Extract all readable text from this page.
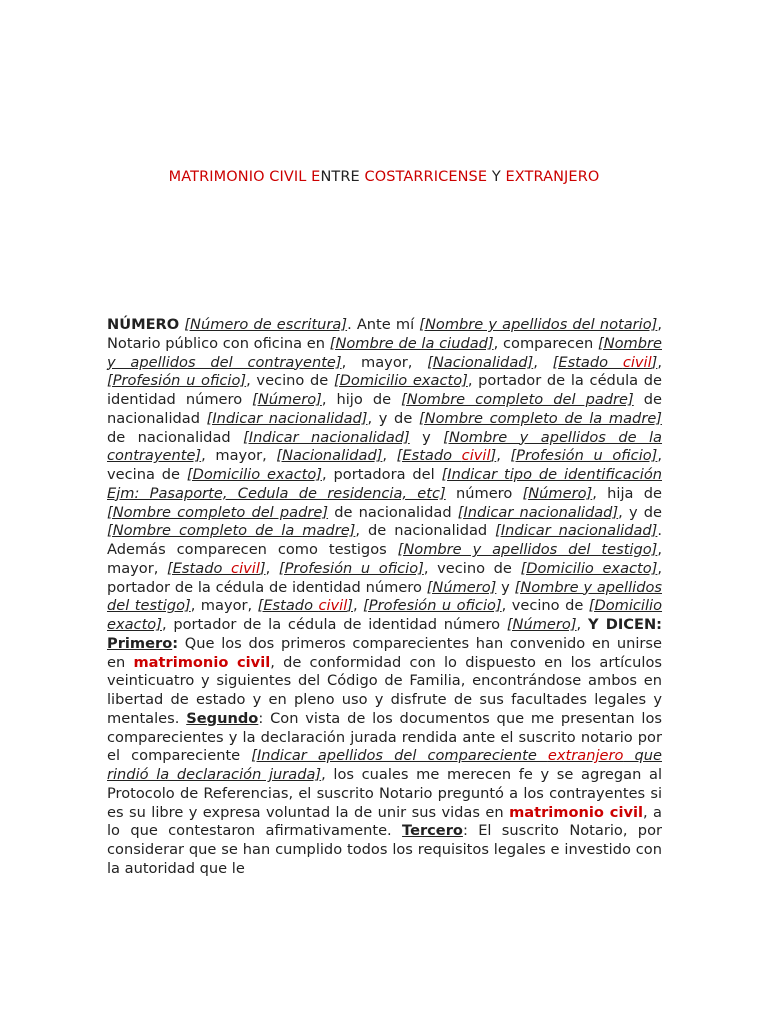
MATRIMONIO CIVIL ENTRE COSTARRICENSE Y EXTRANJERO
NÚMERO [Número de escritura]. Ante mí [Nombre y apellidos del notario], Notario público con oficina en [Nombre de la ciudad], comparecen [Nombre y apellidos del contrayente], mayor, [Nacionalidad], [Estado civil], [Profesión u oficio], vecino de [Domicilio exacto], portador de la cédula de identidad número [Número], hijo de [Nombre completo del padre] de nacionalidad [Indicar nacionalidad], y de [Nombre completo de la madre] de nacionalidad [Indicar nacionalidad] y [Nombre y apellidos de la contrayente], mayor, [Nacionalidad], [Estado civil], [Profesión u oficio], vecina de [Domicilio exacto], portadora del [Indicar tipo de identificación Ejm: Pasaporte, Cedula de residencia, etc] número [Número], hija de [Nombre completo del padre] de nacionalidad [Indicar nacionalidad], y de [Nombre completo de la madre], de nacionalidad [Indicar nacionalidad]. Además comparecen como testigos [Nombre y apellidos del testigo], mayor, [Estado civil], [Profesión u oficio], vecino de [Domicilio exacto], portador de la cédula de identidad número [Número] y [Nombre y apellidos del testigo], mayor, [Estado civil], [Profesión u oficio], vecino de [Domicilio exacto], portador de la cédula de identidad número [Número], Y DICEN: Primero: Que los dos primeros comparecientes han convenido en unirse en matrimonio civil, de conformidad con lo dispuesto en los artículos veinticuatro y siguientes del Código de Familia, encontrándose ambos en libertad de estado y en pleno uso y disfrute de sus facultades legales y mentales. Segundo: Con vista de los documentos que me presentan los comparecientes y la declaración jurada rendida ante el suscrito notario por el compareciente [Indicar apellidos del compareciente extranjero que rindió la declaración jurada], los cuales me merecen fe y se agregan al Protocolo de Referencias, el suscrito Notario preguntó a los contrayentes si es su libre y expresa voluntad la de unir sus vidas en matrimonio civil, a lo que contestaron afirmativamente. Tercero: El suscrito Notario, por considerar que se han cumplido todos los requisitos legales e investido con la autoridad que le
